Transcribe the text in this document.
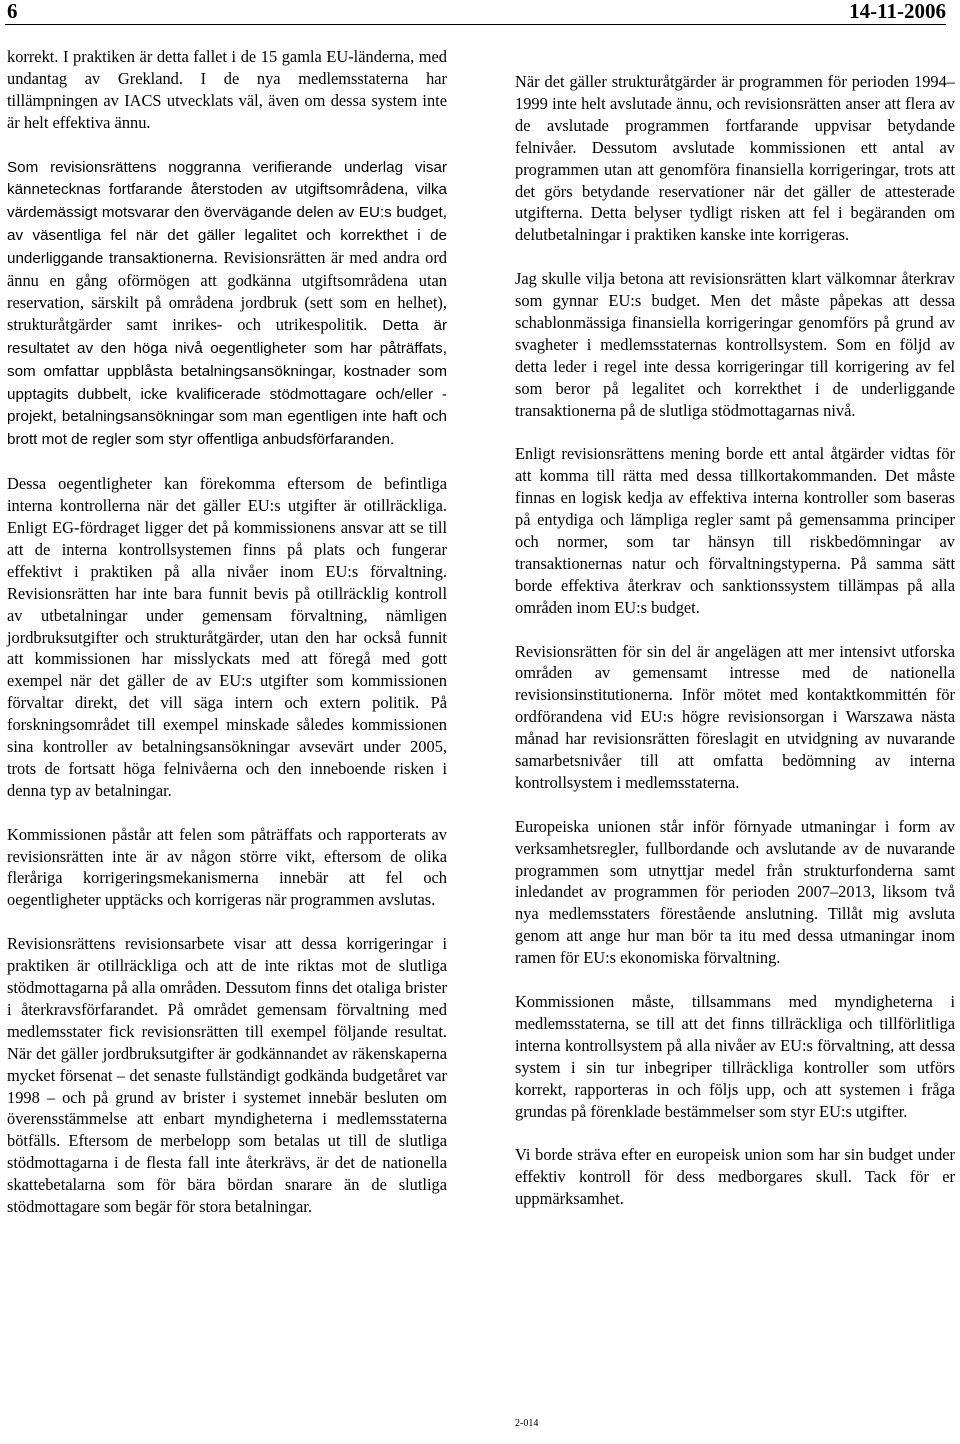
6	14-11-2006

korrekt. I praktiken är detta fallet i de 15 gamla EU-länderna, med undantag av Grekland. I de nya medlemsstaterna har tillämpningen av IACS utvecklats väl, även om dessa system inte är helt effektiva ännu.

Som revisionsrättens noggranna verifierande underlag visar kännetecknas fortfarande återstoden av utgiftsområdena, vilka värdemässigt motsvarar den övervägande delen av EU:s budget, av väsentliga fel när det gäller legalitet och korrekthet i de underliggande transaktionerna. Revisionsrätten är med andra ord ännu en gång oförmögen att godkänna utgiftsområdena utan reservation, särskilt på områdena jordbruk (sett som en helhet), strukturåtgärder samt inrikes- och utrikespolitik. Detta är resultatet av den höga nivå oegentligheter som har påträffats, som omfattar uppblåsta betalningsansökningar, kostnader som upptagits dubbelt, icke kvalificerade stödmottagare och/eller -projekt, betalningsansökningar som man egentligen inte haft och brott mot de regler som styr offentliga anbudsförfaranden.

Dessa oegentligheter kan förekomma eftersom de befintliga interna kontrollerna när det gäller EU:s utgifter är otillräckliga. Enligt EG-fördraget ligger det på kommissionens ansvar att se till att de interna kontrollsystemen finns på plats och fungerar effektivt i praktiken på alla nivåer inom EU:s förvaltning. Revisionsrätten har inte bara funnit bevis på otillräcklig kontroll av utbetalningar under gemensam förvaltning, nämligen jordbruksutgifter och strukturåtgärder, utan den har också funnit att kommissionen har misslyckats med att föregå med gott exempel när det gäller de av EU:s utgifter som kommissionen förvaltar direkt, det vill säga intern och extern politik. På forskningsområdet till exempel minskade således kommissionen sina kontroller av betalningsansökningar avsevärt under 2005, trots de fortsatt höga felnivåerna och den inneboende risken i denna typ av betalningar.

Kommissionen påstår att felen som påträffats och rapporterats av revisionsrätten inte är av någon större vikt, eftersom de olika fleråriga korrigeringsmekanismerna innebär att fel och oegentligheter upptäcks och korrigeras när programmen avslutas.

Revisionsrättens revisionsarbete visar att dessa korrigeringar i praktiken är otillräckliga och att de inte riktas mot de slutliga stödmottagarna på alla områden. Dessutom finns det otaliga brister i återkravsförfarandet. På området gemensam förvaltning med medlemsstater fick revisionsrätten till exempel följande resultat. När det gäller jordbruksutgifter är godkännandet av räkenskaperna mycket försenat – det senaste fullständigt godkända budgetåret var 1998 – och på grund av brister i systemet innebär besluten om överensstämmelse att enbart myndigheterna i medlemsstaterna bötfälls. Eftersom de merbelopp som betalas ut till de slutliga stödmottagarna i de flesta fall inte återkrävs, är det de nationella skattebetalarna som för bära bördan snarare än de slutliga stödmottagare som begär för stora betalningar.

När det gäller strukturåtgärder är programmen för perioden 1994–1999 inte helt avslutade ännu, och revisionsrätten anser att flera av de avslutade programmen fortfarande uppvisar betydande felnivåer. Dessutom avslutade kommissionen ett antal av programmen utan att genomföra finansiella korrigeringar, trots att det görs betydande reservationer när det gäller de attesterade utgifterna. Detta belyser tydligt risken att fel i begäranden om delutbetalningar i praktiken kanske inte korrigeras.

Jag skulle vilja betona att revisionsrätten klart välkomnar återkrav som gynnar EU:s budget. Men det måste påpekas att dessa schablonmässiga finansiella korrigeringar genomförs på grund av svagheter i medlemsstaternas kontrollsystem. Som en följd av detta leder i regel inte dessa korrigeringar till korrigering av fel som beror på legalitet och korrekthet i de underliggande transaktionerna på de slutliga stödmottagarnas nivå.

Enligt revisionsrättens mening borde ett antal åtgärder vidtas för att komma till rätta med dessa tillkortakommanden. Det måste finnas en logisk kedja av effektiva interna kontroller som baseras på entydiga och lämpliga regler samt på gemensamma principer och normer, som tar hänsyn till riskbedömningar av transaktionernas natur och förvaltningstyperna. På samma sätt borde effektiva återkrav och sanktionssystem tillämpas på alla områden inom EU:s budget.

Revisionsrätten för sin del är angelägen att mer intensivt utforska områden av gemensamt intresse med de nationella revisionsinstitutionerna. Inför mötet med kontaktkommittén för ordförandena vid EU:s högre revisionsorgan i Warszawa nästa månad har revisionsrätten föreslagit en utvidgning av nuvarande samarbetsnivåer till att omfatta bedömning av interna kontrollsystem i medlemsstaterna.

Europeiska unionen står inför förnyade utmaningar i form av verksamhetsregler, fullbordande och avslutande av de nuvarande programmen som utnyttjar medel från strukturfonderna samt inledandet av programmen för perioden 2007–2013, liksom två nya medlemsstaters förestående anslutning. Tillåt mig avsluta genom att ange hur man bör ta itu med dessa utmaningar inom ramen för EU:s ekonomiska förvaltning.

Kommissionen måste, tillsammans med myndigheterna i medlemsstaterna, se till att det finns tillräckliga och tillförlitliga interna kontrollsystem på alla nivåer av EU:s förvaltning, att dessa system i sin tur inbegriper tillräckliga kontroller som utförs korrekt, rapporteras in och följs upp, och att systemen i fråga grundas på förenklade bestämmelser som styr EU:s utgifter.

Vi borde sträva efter en europeisk union som har sin budget under effektiv kontroll för dess medborgares skull. Tack för er uppmärksamhet.

2-014
